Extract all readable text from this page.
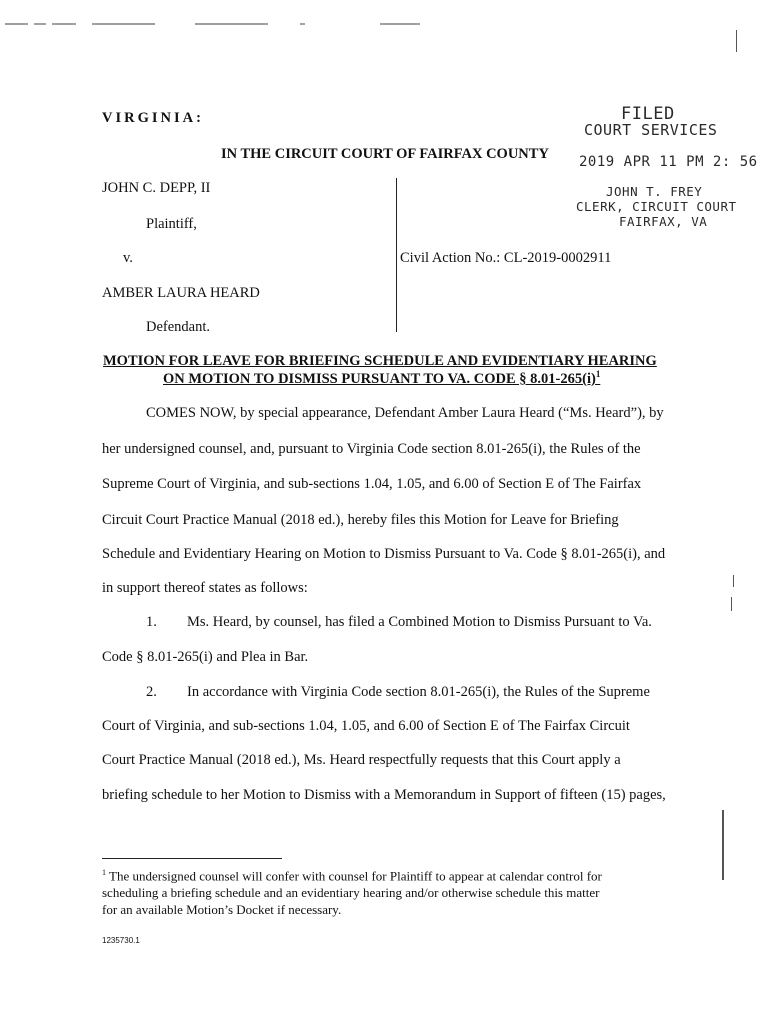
VIRGINIA:
IN THE CIRCUIT COURT OF FAIRFAX COUNTY
FILED
COURT SERVICES
2019 APR 11 PM 2: 56
JOHN T. FREY
CLERK, CIRCUIT COURT
FAIRFAX, VA
JOHN C. DEPP, II
Plaintiff,
v.
AMBER LAURA HEARD
Defendant.
Civil Action No.: CL-2019-0002911
MOTION FOR LEAVE FOR BRIEFING SCHEDULE AND EVIDENTIARY HEARING
ON MOTION TO DISMISS PURSUANT TO VA. CODE § $8.01-265(i)^1$
COMES NOW, by special appearance, Defendant Amber Laura Heard (“Ms. Heard”), by
her undersigned counsel, and, pursuant to Virginia Code section 8.01-265(i), the Rules of the
Supreme Court of Virginia, and sub-sections 1.04, 1.05, and 6.00 of Section E of The Fairfax
Circuit Court Practice Manual (2018 ed.), hereby files this Motion for Leave for Briefing
Schedule and Evidentiary Hearing on Motion to Dismiss Pursuant to Va. Code § 8.01-265(i), and
in support thereof states as follows:
1. Ms. Heard, by counsel, has filed a Combined Motion to Dismiss Pursuant to Va.
Code § 8.01-265(i) and Plea in Bar.
2. In accordance with Virginia Code section 8.01-265(i), the Rules of the Supreme
Court of Virginia, and sub-sections 1.04, 1.05, and 6.00 of Section E of The Fairfax Circuit
Court Practice Manual (2018 ed.), Ms. Heard respectfully requests that this Court apply a
briefing schedule to her Motion to Dismiss with a Memorandum in Support of fifteen (15) pages,
$^1$ The undersigned counsel will confer with counsel for Plaintiff to appear at calendar control for
scheduling a briefing schedule and an evidentiary hearing and/or otherwise schedule this matter
for an available Motion’s Docket if necessary.
1235730.1
